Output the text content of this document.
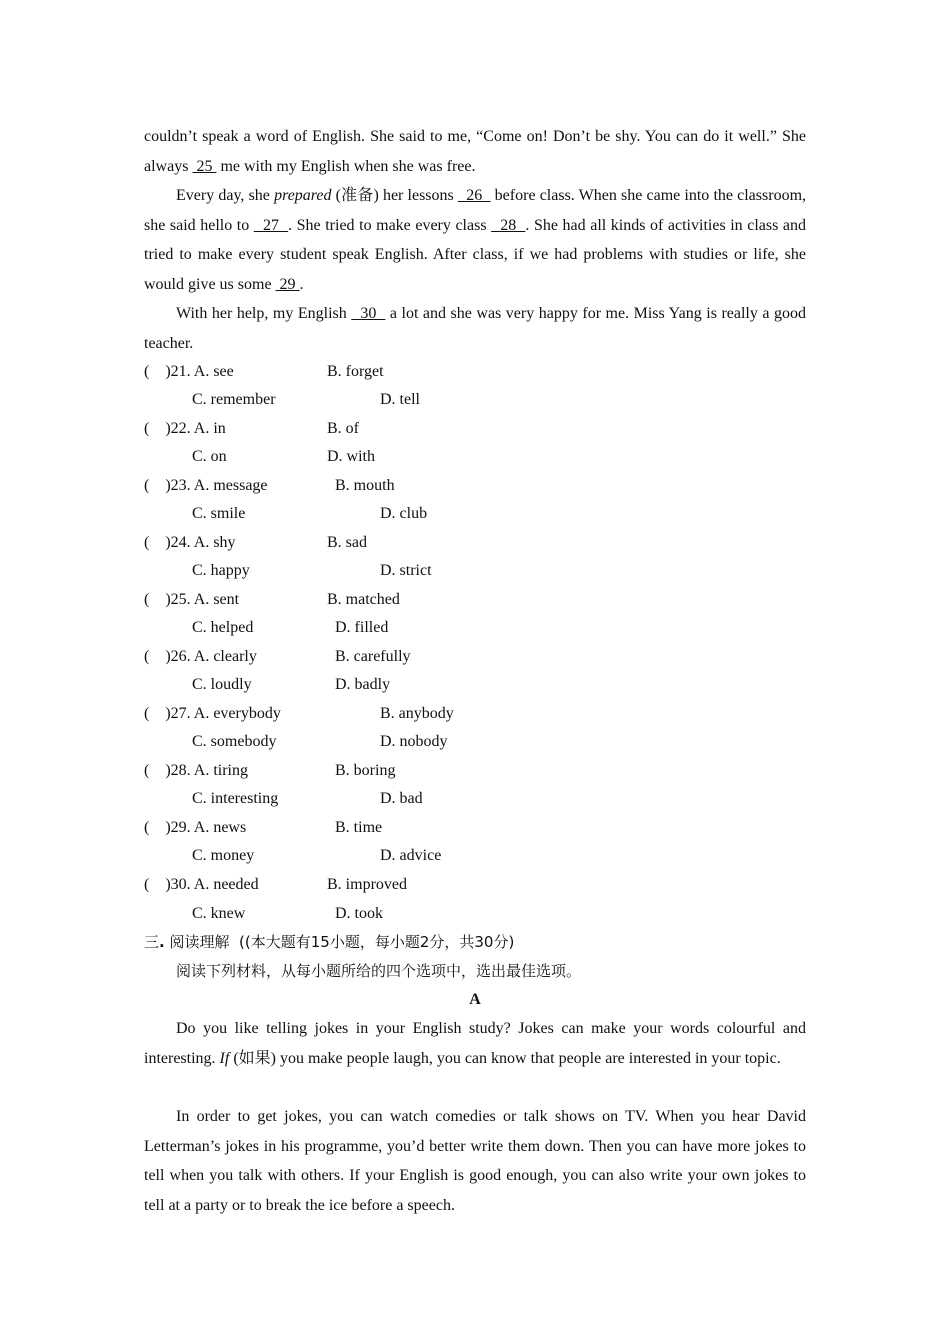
couldn’t speak a word of English. She said to me, “Come on! Don’t be shy. You can do it well.” She always  25  me with my English when she was free.

Every day, she prepared (准备) her lessons   26   before class. When she came into the classroom, she said hello to   27  . She tried to make every class   28  . She had all kinds of activities in class and tried to make every student speak English. After class, if we had problems with studies or life, she would give us some  29 .

With her help, my English   30   a lot and she was very happy for me. Miss Yang is really a good teacher.

(    )21. A. see	B. forget
C. remember	D. tell
(    )22. A. in	B. of
C. on	D. with
(    )23. A. message	B. mouth
C. smile	D. club
(    )24. A. shy	B. sad
C. happy	D. strict
(    )25. A. sent	B. matched
C. helped	D. filled
(    )26. A. clearly	B. carefully
C. loudly	D. badly
(    )27. A. everybody	B. anybody
C. somebody	D. nobody
(    )28. A. tiring	B. boring
C. interesting	D. bad
(    )29. A. news	B. time
C. money	D. advice
(    )30. A. needed	B. improved
C. knew	D. took
三. 阅读理解  ((本大题有15小题，每小题2分，共30分)
阅读下列材料，从每小题所给的四个选项中，选出最佳选项。
A

Do you like telling jokes in your English study? Jokes can make your words colourful and interesting. If (如果) you make people laugh, you can know that people are interested in your topic.

In order to get jokes, you can watch comedies or talk shows on TV. When you hear David Letterman’s jokes in his programme, you’d better write them down. Then you can have more jokes to tell when you talk with others. If your English is good enough, you can also write your own jokes to tell at a party or to break the ice before a speech.
